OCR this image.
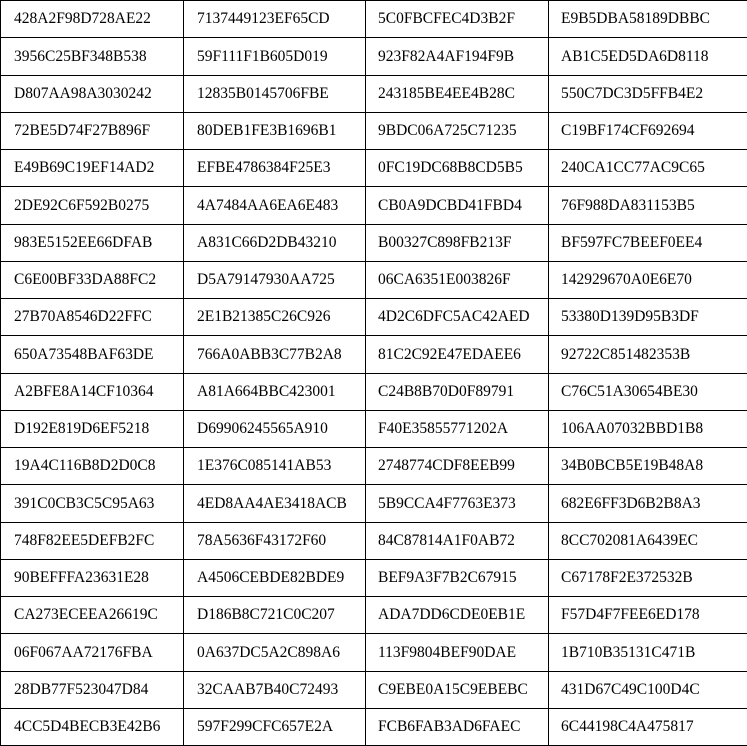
428A2F98D728AE22	7137449123EF65CD	5C0FBCFEC4D3B2F	E9B5DBA58189DBBC
3956C25BF348B538	59F111F1B605D019	923F82A4AF194F9B	AB1C5ED5DA6D8118
D807AA98A3030242	12835B0145706FBE	243185BE4EE4B28C	550C7DC3D5FFB4E2
72BE5D74F27B896F	80DEB1FE3B1696B1	9BDC06A725C71235	C19BF174CF692694
E49B69C19EF14AD2	EFBE4786384F25E3	0FC19DC68B8CD5B5	240CA1CC77AC9C65
2DE92C6F592B0275	4A7484AA6EA6E483	CB0A9DCBD41FBD4	76F988DA831153B5
983E5152EE66DFAB	A831C66D2DB43210	B00327C898FB213F	BF597FC7BEEF0EE4
C6E00BF33DA88FC2	D5A79147930AA725	06CA6351E003826F	142929670A0E6E70
27B70A8546D22FFC	2E1B21385C26C926	4D2C6DFC5AC42AED	53380D139D95B3DF
650A73548BAF63DE	766A0ABB3C77B2A8	81C2C92E47EDAEE6	92722C851482353B
A2BFE8A14CF10364	A81A664BBC423001	C24B8B70D0F89791	C76C51A30654BE30
D192E819D6EF5218	D69906245565A910	F40E35855771202A	106AA07032BBD1B8
19A4C116B8D2D0C8	1E376C085141AB53	2748774CDF8EEB99	34B0BCB5E19B48A8
391C0CB3C5C95A63	4ED8AA4AE3418ACB	5B9CCA4F7763E373	682E6FF3D6B2B8A3
748F82EE5DEFB2FC	78A5636F43172F60	84C87814A1F0AB72	8CC702081A6439EC
90BEFFFA23631E28	A4506CEBDE82BDE9	BEF9A3F7B2C67915	C67178F2E372532B
CA273ECEEA26619C	D186B8C721C0C207	ADA7DD6CDE0EB1E	F57D4F7FEE6ED178
06F067AA72176FBA	0A637DC5A2C898A6	113F9804BEF90DAE	1B710B35131C471B
28DB77F523047D84	32CAAB7B40C72493	C9EBE0A15C9EBEBC	431D67C49C100D4C
4CC5D4BECB3E42B6	597F299CFC657E2A	FCB6FAB3AD6FAEC	6C44198C4A475817
